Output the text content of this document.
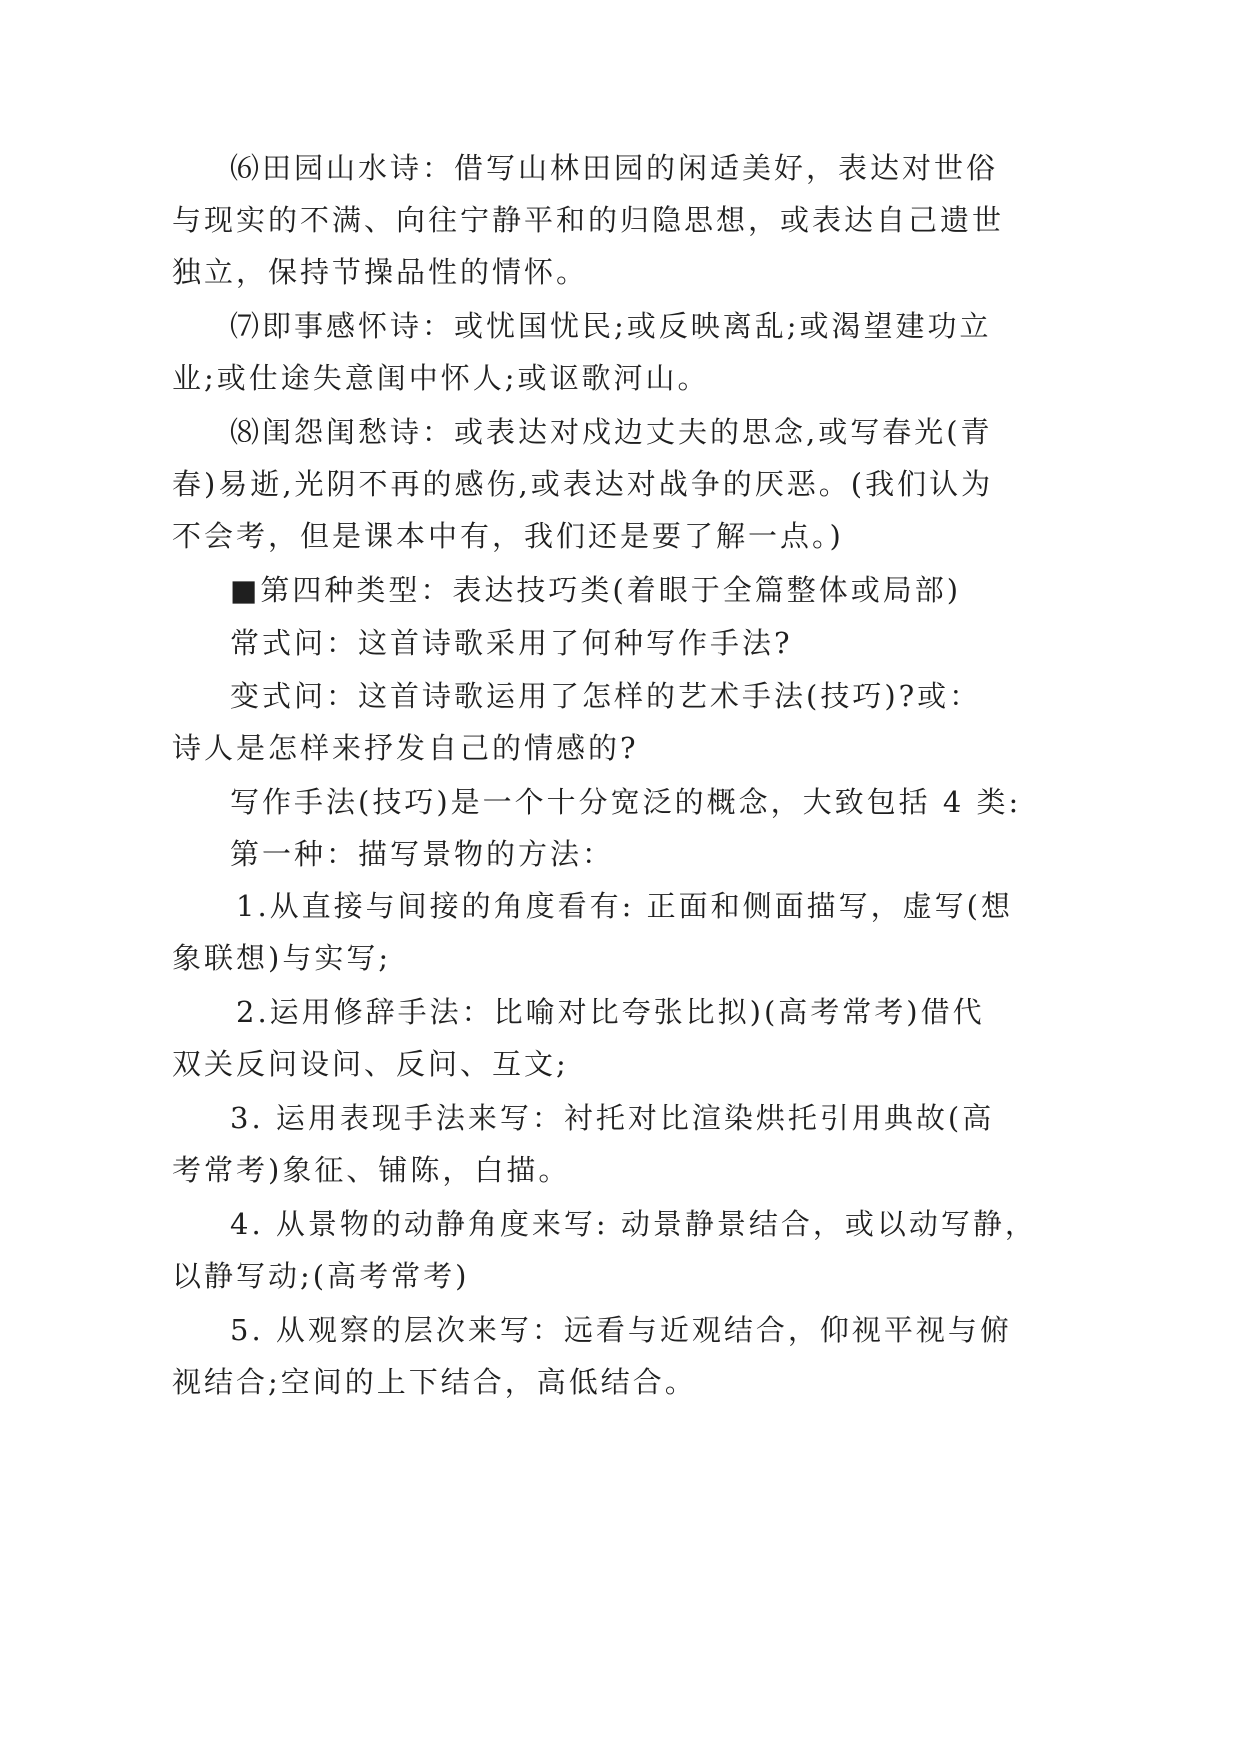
⑹田园山水诗：借写山林田园的闲适美好，表达对世俗
与现实的不满、向往宁静平和的归隐思想，或表达自己遗世
独立，保持节操品性的情怀。
⑺即事感怀诗：或忧国忧民;或反映离乱;或渴望建功立
业;或仕途失意闺中怀人;或讴歌河山。
⑻闺怨闺愁诗：或表达对戍边丈夫的思念,或写春光(青
春)易逝,光阴不再的感伤,或表达对战争的厌恶。(我们认为
不会考，但是课本中有，我们还是要了解一点。)
■第四种类型：表达技巧类(着眼于全篇整体或局部)
常式问：这首诗歌采用了何种写作手法?
变式问：这首诗歌运用了怎样的艺术手法(技巧)?或：
诗人是怎样来抒发自己的情感的?
写作手法(技巧)是一个十分宽泛的概念，大致包括 4 类:
第一种：描写景物的方法：
1.从直接与间接的角度看有: 正面和侧面描写，虚写(想
象联想)与实写;
2.运用修辞手法：比喻对比夸张比拟)(高考常考)借代
双关反问设问、反问、互文;
3. 运用表现手法来写：衬托对比渲染烘托引用典故(高
考常考)象征、铺陈，白描。
4. 从景物的动静角度来写: 动景静景结合，或以动写静，
以静写动;(高考常考)
5. 从观察的层次来写：远看与近观结合，仰视平视与俯
视结合;空间的上下结合，高低结合。
